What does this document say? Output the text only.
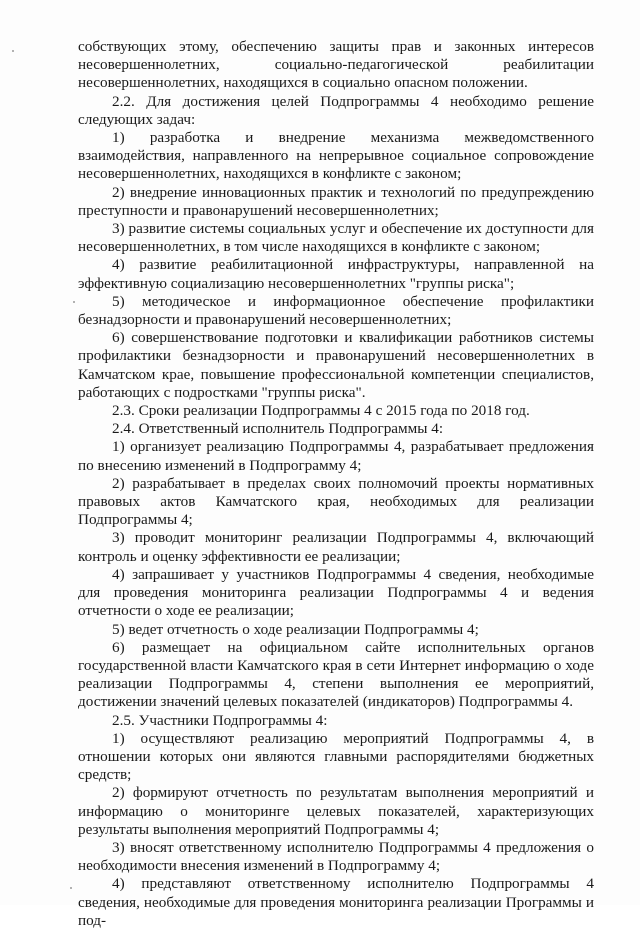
собствующих этому, обеспечению защиты прав и законных интересов несовершеннолетних, социально-педагогической реабилитации несовершеннолетних, находящихся в социально опасном положении.

2.2. Для достижения целей Подпрограммы 4 необходимо решение следующих задач:

1) разработка и внедрение механизма межведомственного взаимодействия, направленного на непрерывное социальное сопровождение несовершеннолетних, находящихся в конфликте с законом;

2) внедрение инновационных практик и технологий по предупреждению преступности и правонарушений несовершеннолетних;

3) развитие системы социальных услуг и обеспечение их доступности для несовершеннолетних, в том числе находящихся в конфликте с законом;

4) развитие реабилитационной инфраструктуры, направленной на эффективную социализацию несовершеннолетних "группы риска";

5) методическое и информационное обеспечение профилактики безнадзорности и правонарушений несовершеннолетних;

6) совершенствование подготовки и квалификации работников системы профилактики безнадзорности и правонарушений несовершеннолетних в Камчатском крае, повышение профессиональной компетенции специалистов, работающих с подростками "группы риска".

2.3. Сроки реализации Подпрограммы 4 с 2015 года по 2018 год.

2.4. Ответственный исполнитель Подпрограммы 4:

1) организует реализацию Подпрограммы 4, разрабатывает предложения по внесению изменений в Подпрограмму 4;

2) разрабатывает в пределах своих полномочий проекты нормативных правовых актов Камчатского края, необходимых для реализации Подпрограммы 4;

3) проводит мониторинг реализации Подпрограммы 4, включающий контроль и оценку эффективности ее реализации;

4) запрашивает у участников Подпрограммы 4 сведения, необходимые для проведения мониторинга реализации Подпрограммы 4 и ведения отчетности о ходе ее реализации;

5) ведет отчетность о ходе реализации Подпрограммы 4;

6) размещает на официальном сайте исполнительных органов государственной власти Камчатского края в сети Интернет информацию о ходе реализации Подпрограммы 4, степени выполнения ее мероприятий, достижении значений целевых показателей (индикаторов) Подпрограммы 4.

2.5. Участники Подпрограммы 4:

1) осуществляют реализацию мероприятий Подпрограммы 4, в отношении которых они являются главными распорядителями бюджетных средств;

2) формируют отчетность по результатам выполнения мероприятий и информацию о мониторинге целевых показателей, характеризующих результаты выполнения мероприятий Подпрограммы 4;

3) вносят ответственному исполнителю Подпрограммы 4 предложения о необходимости внесения изменений в Подпрограмму 4;

4) представляют ответственному исполнителю Подпрограммы 4 сведения, необходимые для проведения мониторинга реализации Программы и под-
